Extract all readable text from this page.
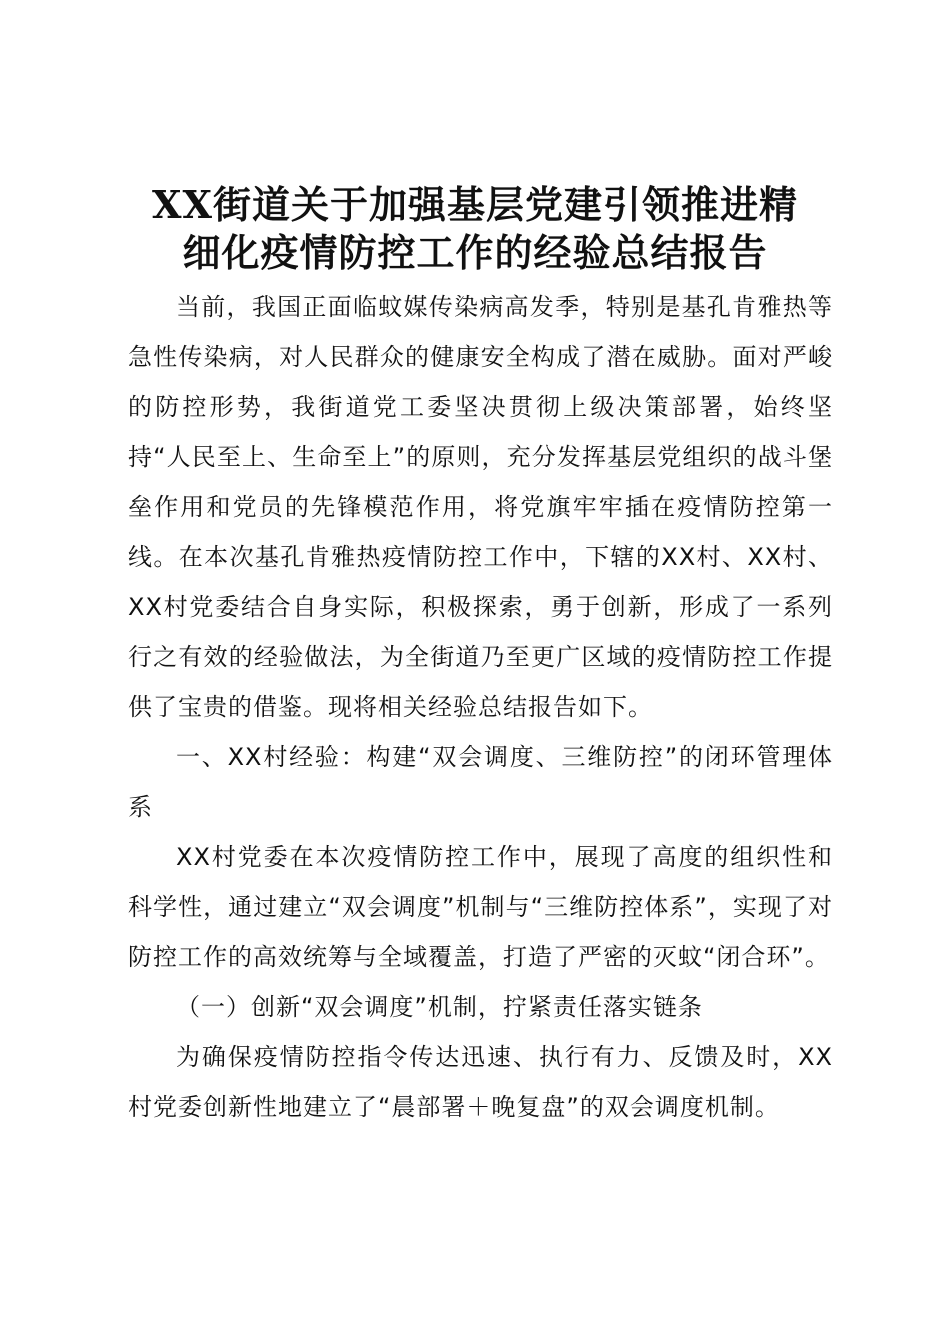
XX街道关于加强基层党建引领推进精
细化疫情防控工作的经验总结报告

当前，我国正面临蚊媒传染病高发季，特别是基孔肯雅热等急性传染病，对人民群众的健康安全构成了潜在威胁。面对严峻的防控形势，我街道党工委坚决贯彻上级决策部署，始终坚持“人民至上、生命至上”的原则，充分发挥基层党组织的战斗堡垒作用和党员的先锋模范作用，将党旗牢牢插在疫情防控第一线。在本次基孔肯雅热疫情防控工作中，下辖的XX村、XX村、XX村党委结合自身实际，积极探索，勇于创新，形成了一系列行之有效的经验做法，为全街道乃至更广区域的疫情防控工作提供了宝贵的借鉴。现将相关经验总结报告如下。

一、XX村经验：构建“双会调度、三维防控”的闭环管理体系

XX村党委在本次疫情防控工作中，展现了高度的组织性和科学性，通过建立“双会调度”机制与“三维防控体系”，实现了对防控工作的高效统筹与全域覆盖，打造了严密的灭蚊“闭合环”。

（一）创新“双会调度”机制，拧紧责任落实链条

为确保疫情防控指令传达迅速、执行有力、反馈及时，XX村党委创新性地建立了“晨部署＋晚复盘”的双会调度机制。
